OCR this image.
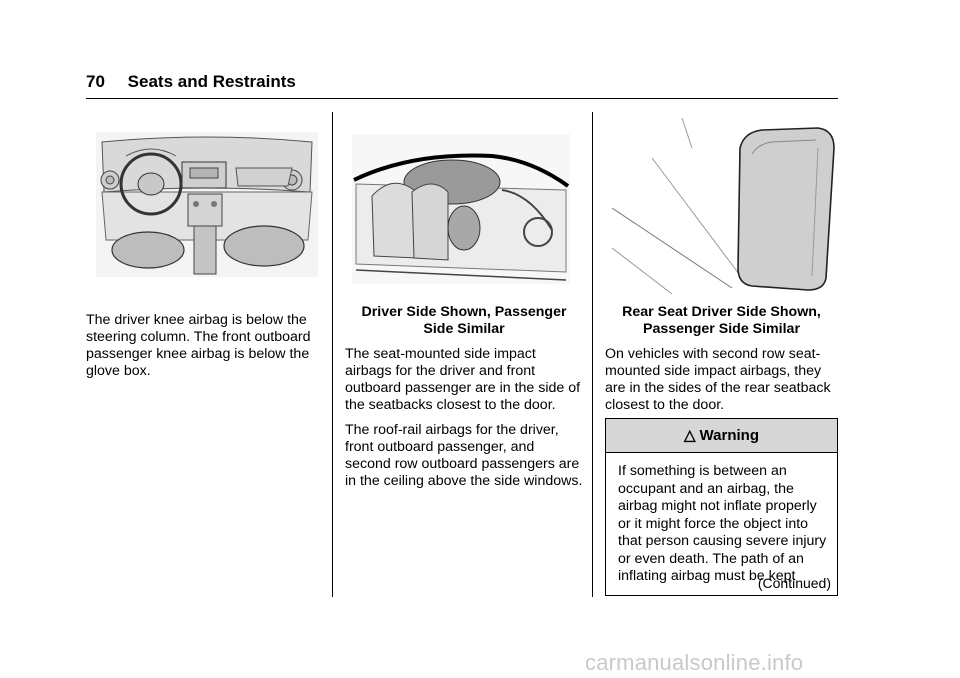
70 Seats and Restraints

The driver knee airbag is below the steering column. The front outboard passenger knee airbag is below the glove box.

Driver Side Shown, Passenger
Side Similar

The seat-mounted side impact airbags for the driver and front outboard passenger are in the side of the seatbacks closest to the door.

The roof-rail airbags for the driver, front outboard passenger, and second row outboard passengers are in the ceiling above the side windows.

Rear Seat Driver Side Shown,
Passenger Side Similar

On vehicles with second row seat-mounted side impact airbags, they are in the sides of the rear seatback closest to the door.

△ Warning
If something is between an occupant and an airbag, the airbag might not inflate properly or it might force the object into that person causing severe injury or even death. The path of an inflating airbag must be kept
(Continued)
carmanualsonline.info
